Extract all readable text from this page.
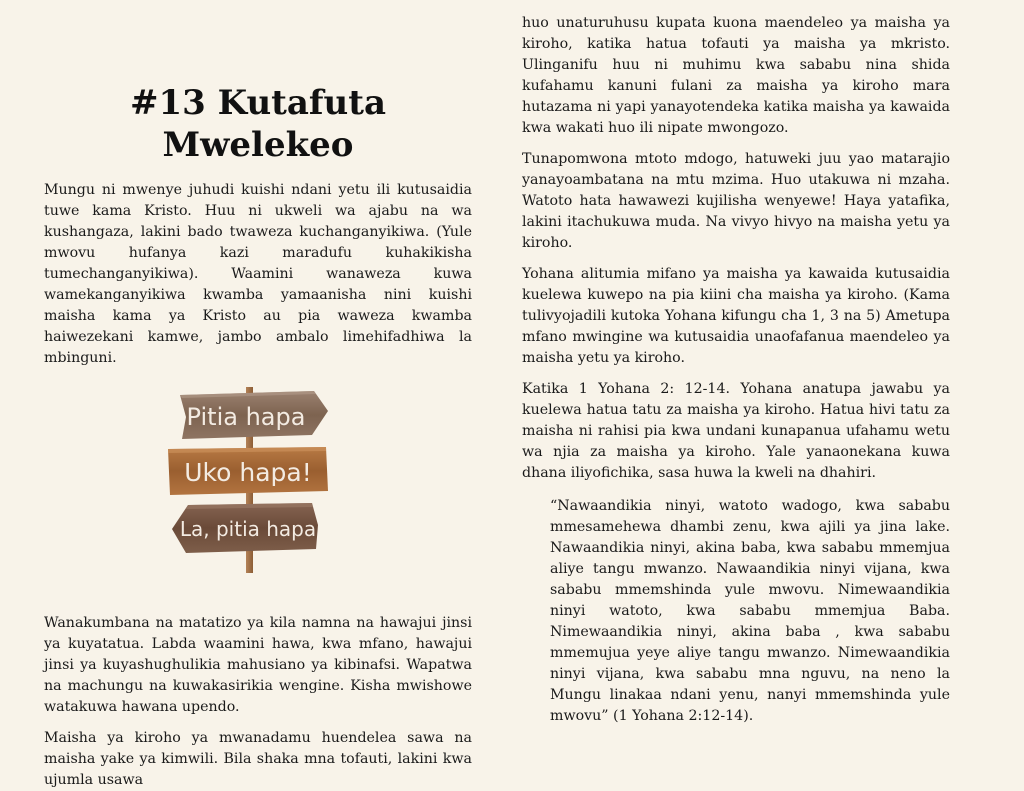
#13 Kutafuta
Mwelekeo

Mungu ni mwenye juhudi kuishi ndani yetu ili kutusaidia tuwe kama Kristo. Huu ni ukweli wa ajabu na wa kushangaza, lakini bado twaweza kuchanganyikiwa. (Yule mwovu hufanya kazi maradufu kuhakikisha tumechanganyikiwa). Waamini wanaweza kuwa wamekanganyikiwa kwamba yamaanisha nini kuishi maisha kama ya Kristo au pia waweza kwamba haiwezekani kamwe, jambo ambalo limehifadhiwa la mbinguni.

Pitia hapa
Uko hapa!
La, pitia hapa

Wanakumbana na matatizo ya kila namna na hawajui jinsi ya kuyatatua. Labda waamini hawa, kwa mfano, hawajui jinsi ya kuyashughulikia mahusiano ya kibinafsi. Wapatwa na machungu na kuwakasirikia wengine. Kisha mwishowe watakuwa hawana upendo.

Maisha ya kiroho ya mwanadamu huendelea sawa na maisha yake ya kimwili. Bila shaka mna tofauti, lakini kwa ujumla usawa

huo unaturuhusu kupata kuona maendeleo ya maisha ya kiroho, katika hatua tofauti ya maisha ya mkristo. Ulinganifu huu ni muhimu kwa sababu nina shida kufahamu kanuni fulani za maisha ya kiroho mara hutazama ni yapi yanayotendeka katika maisha ya kawaida kwa wakati huo ili nipate mwongozo.

Tunapomwona mtoto mdogo, hatuweki juu yao matarajio yanayoambatana na mtu mzima. Huo utakuwa ni mzaha. Watoto hata hawawezi kujilisha wenyewe! Haya yatafika, lakini itachukuwa muda. Na vivyo hivyo na maisha yetu ya kiroho.

Yohana alitumia mifano ya maisha ya kawaida kutusaidia kuelewa kuwepo na pia kiini cha maisha ya kiroho. (Kama tulivyojadili kutoka Yohana kifungu cha 1, 3 na 5) Ametupa mfano mwingine wa kutusaidia unaofafanua maendeleo ya maisha yetu ya kiroho.

Katika 1 Yohana 2: 12-14. Yohana anatupa jawabu ya kuelewa hatua tatu za maisha ya kiroho. Hatua hivi tatu za maisha ni rahisi pia kwa undani kunapanua ufahamu wetu wa njia za maisha ya kiroho. Yale yanaonekana kuwa dhana iliyofichika, sasa huwa la kweli na dhahiri.

“Nawaandikia ninyi, watoto wadogo, kwa sababu mmesamehewa dhambi zenu, kwa ajili ya jina lake. Nawaandikia ninyi, akina baba, kwa sababu mmemjua aliye tangu mwanzo. Nawaandikia ninyi vijana, kwa sababu mmemshinda yule mwovu. Nimewaandikia ninyi watoto, kwa sababu mmemjua Baba. Nimewaandikia ninyi, akina baba , kwa sababu mmemujua yeye aliye tangu mwanzo. Nimewaandikia ninyi vijana, kwa sababu mna nguvu, na neno la Mungu linakaa ndani yenu, nanyi mmemshinda yule mwovu” (1 Yohana 2:12-14).
